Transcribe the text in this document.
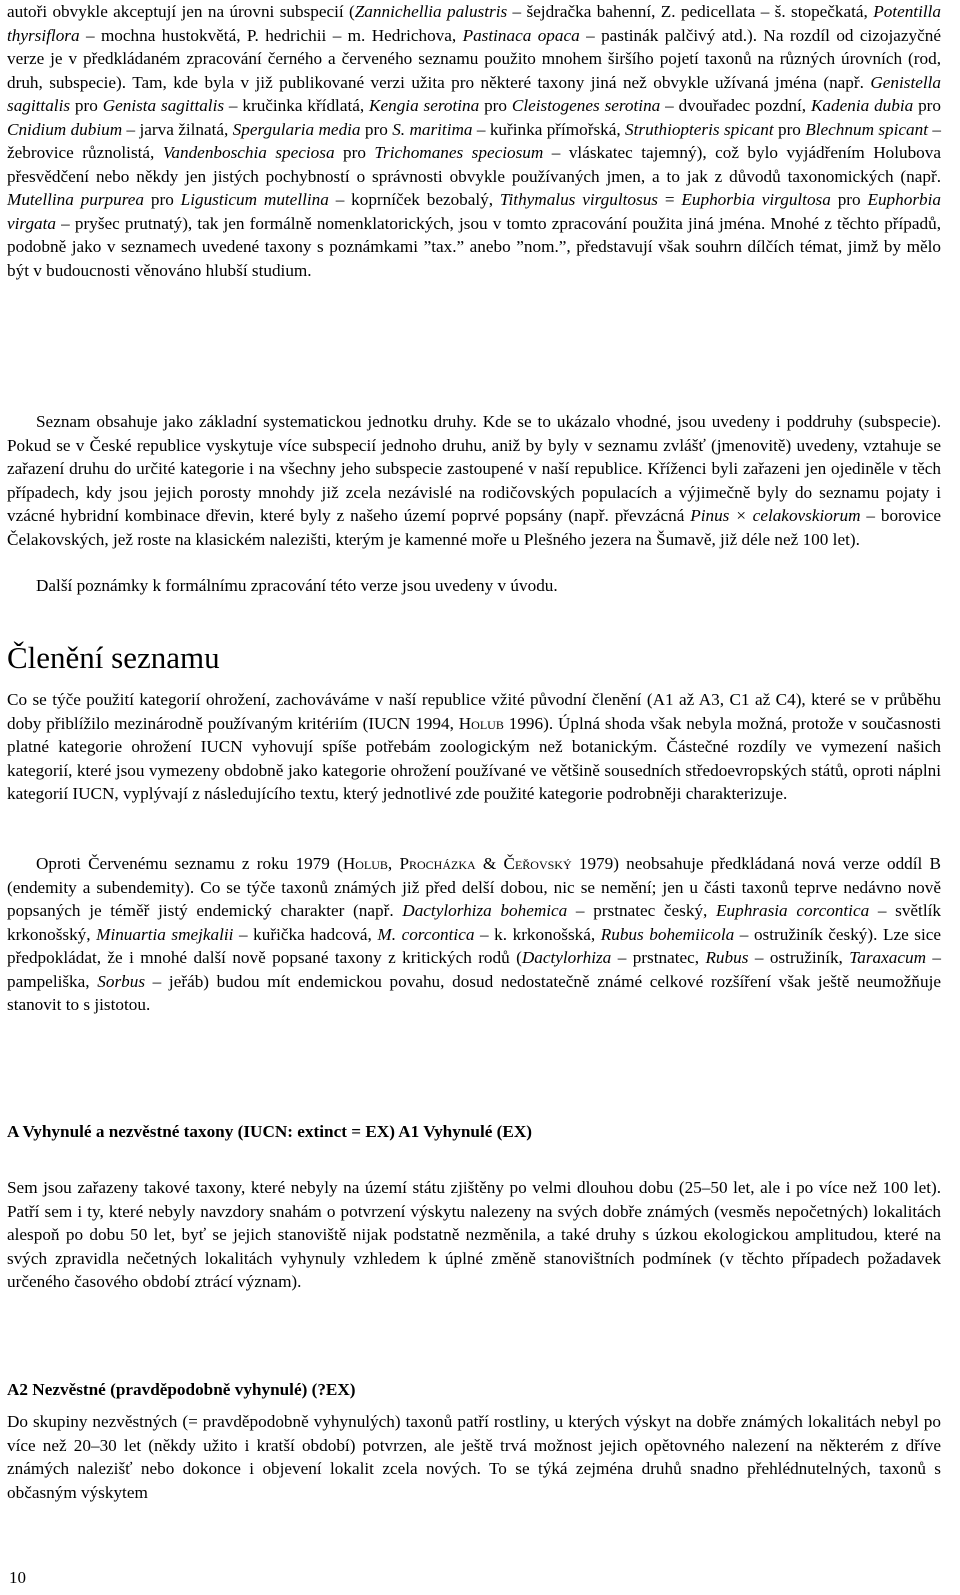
autoři obvykle akceptují jen na úrovni subspecií (Zannichellia palustris – šejdračka bahenní, Z. pedicellata – š. stopečkatá, Potentilla thyrsiflora – mochna hustokvětá, P. hedrichii – m. Hedrichova, Pastinaca opaca – pastinák palčivý atd.). Na rozdíl od cizojazyčné verze je v předkládaném zpracování černého a červeného seznamu použito mnohem širšího pojetí taxonů na různých úrovních (rod, druh, subspecie). Tam, kde byla v již publikované verzi užita pro některé taxony jiná než obvykle užívaná jména (např. Genistella sagittalis pro Genista sagittalis – kručinka křídlatá, Kengia serotina pro Cleistogenes serotina – dvouřadec pozdní, Kadenia dubia pro Cnidium dubium – jarva žilnatá, Spergularia media pro S. maritima – kuřinka přímořská, Struthiopteris spicant pro Blechnum spicant – žebrovice různolistá, Vandenboschia speciosa pro Trichomanes speciosum – vláskatec tajemný), což bylo vyjádřením Holubova přesvědčení nebo někdy jen jistých pochybností o správnosti obvykle používaných jmen, a to jak z důvodů taxonomických (např. Mutellina purpurea pro Ligusticum mutellina – koprníček bezobalý, Tithymalus virgultosus = Euphorbia virgultosa pro Euphorbia virgata – pryšec prutnatý), tak jen formálně nomenklatorických, jsou v tomto zpracování použita jiná jména. Mnohé z těchto případů, podobně jako v seznamech uvedené taxony s poznámkami ”tax.” anebo ”nom.”, představují však souhrn dílčích témat, jimž by mělo být v budoucnosti věnováno hlubší studium.

Seznam obsahuje jako základní systematickou jednotku druhy. Kde se to ukázalo vhodné, jsou uvedeny i poddruhy (subspecie). Pokud se v České republice vyskytuje více subspecií jednoho druhu, aniž by byly v seznamu zvlášť (jmenovitě) uvedeny, vztahuje se zařazení druhu do určité kategorie i na všechny jeho subspecie zastoupené v naší republice. Kříženci byli zařazeni jen ojediněle v těch případech, kdy jsou jejich porosty mnohdy již zcela nezávislé na rodičovských populacích a výjimečně byly do seznamu pojaty i vzácné hybridní kombinace dřevin, které byly z našeho území poprvé popsány (např. převzácná Pinus × celakovskiorum – borovice Čelakovských, jež roste na klasickém nalezišti, kterým je kamenné moře u Plešného jezera na Šumavě, již déle než 100 let).

Další poznámky k formálnímu zpracování této verze jsou uvedeny v úvodu.

Členění seznamu

Co se týče použití kategorií ohrožení, zachováváme v naší republice vžité původní členění (A1 až A3, C1 až C4), které se v průběhu doby přiblížilo mezinárodně používaným kritériím (IUCN 1994, Holub 1996). Úplná shoda však nebyla možná, protože v současnosti platné kategorie ohrožení IUCN vyhovují spíše potřebám zoologickým než botanickým. Částečné rozdíly ve vymezení našich kategorií, které jsou vymezeny obdobně jako kategorie ohrožení používané ve většině sousedních středoevropských států, oproti náplni kategorií IUCN, vyplývají z následujícího textu, který jednotlivé zde použité kategorie podrobněji charakterizuje.

Oproti Červenému seznamu z roku 1979 (Holub, Procházka & Čeřovský 1979) neobsahuje předkládaná nová verze oddíl B (endemity a subendemity). Co se týče taxonů známých již před delší dobou, nic se nemění; jen u části taxonů teprve nedávno nově popsaných je téměř jistý endemický charakter (např. Dactylorhiza bohemica – prstnatec český, Euphrasia corcontica – světlík krkonošský, Minuartia smejkalii – kuřička hadcová, M. corcontica – k. krkonošská, Rubus bohemiicola – ostružiník český). Lze sice předpokládat, že i mnohé další nově popsané taxony z kritických rodů (Dactylorhiza – prstnatec, Rubus – ostružiník, Taraxacum – pampeliška, Sorbus – jeřáb) budou mít endemickou povahu, dosud nedostatečně známé celkové rozšíření však ještě neumožňuje stanovit to s jistotou.

A Vyhynulé a nezvěstné taxony (IUCN: extinct = EX) A1 Vyhynulé (EX)

Sem jsou zařazeny takové taxony, které nebyly na území státu zjištěny po velmi dlouhou dobu (25–50 let, ale i po více než 100 let). Patří sem i ty, které nebyly navzdory snahám o potvrzení výskytu nalezeny na svých dobře známých (vesměs nepočetných) lokalitách alespoň po dobu 50 let, byť se jejich stanoviště nijak podstatně nezměnila, a také druhy s úzkou ekologickou amplitudou, které na svých zpravidla nečetných lokalitách vyhynuly vzhledem k úplné změně stanovištních podmínek (v těchto případech požadavek určeného časového období ztrácí význam).

A2 Nezvěstné (pravděpodobně vyhynulé) (?EX)

Do skupiny nezvěstných (= pravděpodobně vyhynulých) taxonů patří rostliny, u kterých výskyt na dobře známých lokalitách nebyl po více než 20–30 let (někdy užito i kratší období) potvrzen, ale ještě trvá možnost jejich opětovného nalezení na některém z dříve známých nalezišť nebo dokonce i objevení lokalit zcela nových. To se týká zejména druhů snadno přehlédnutelných, taxonů s občasným výskytem

10
